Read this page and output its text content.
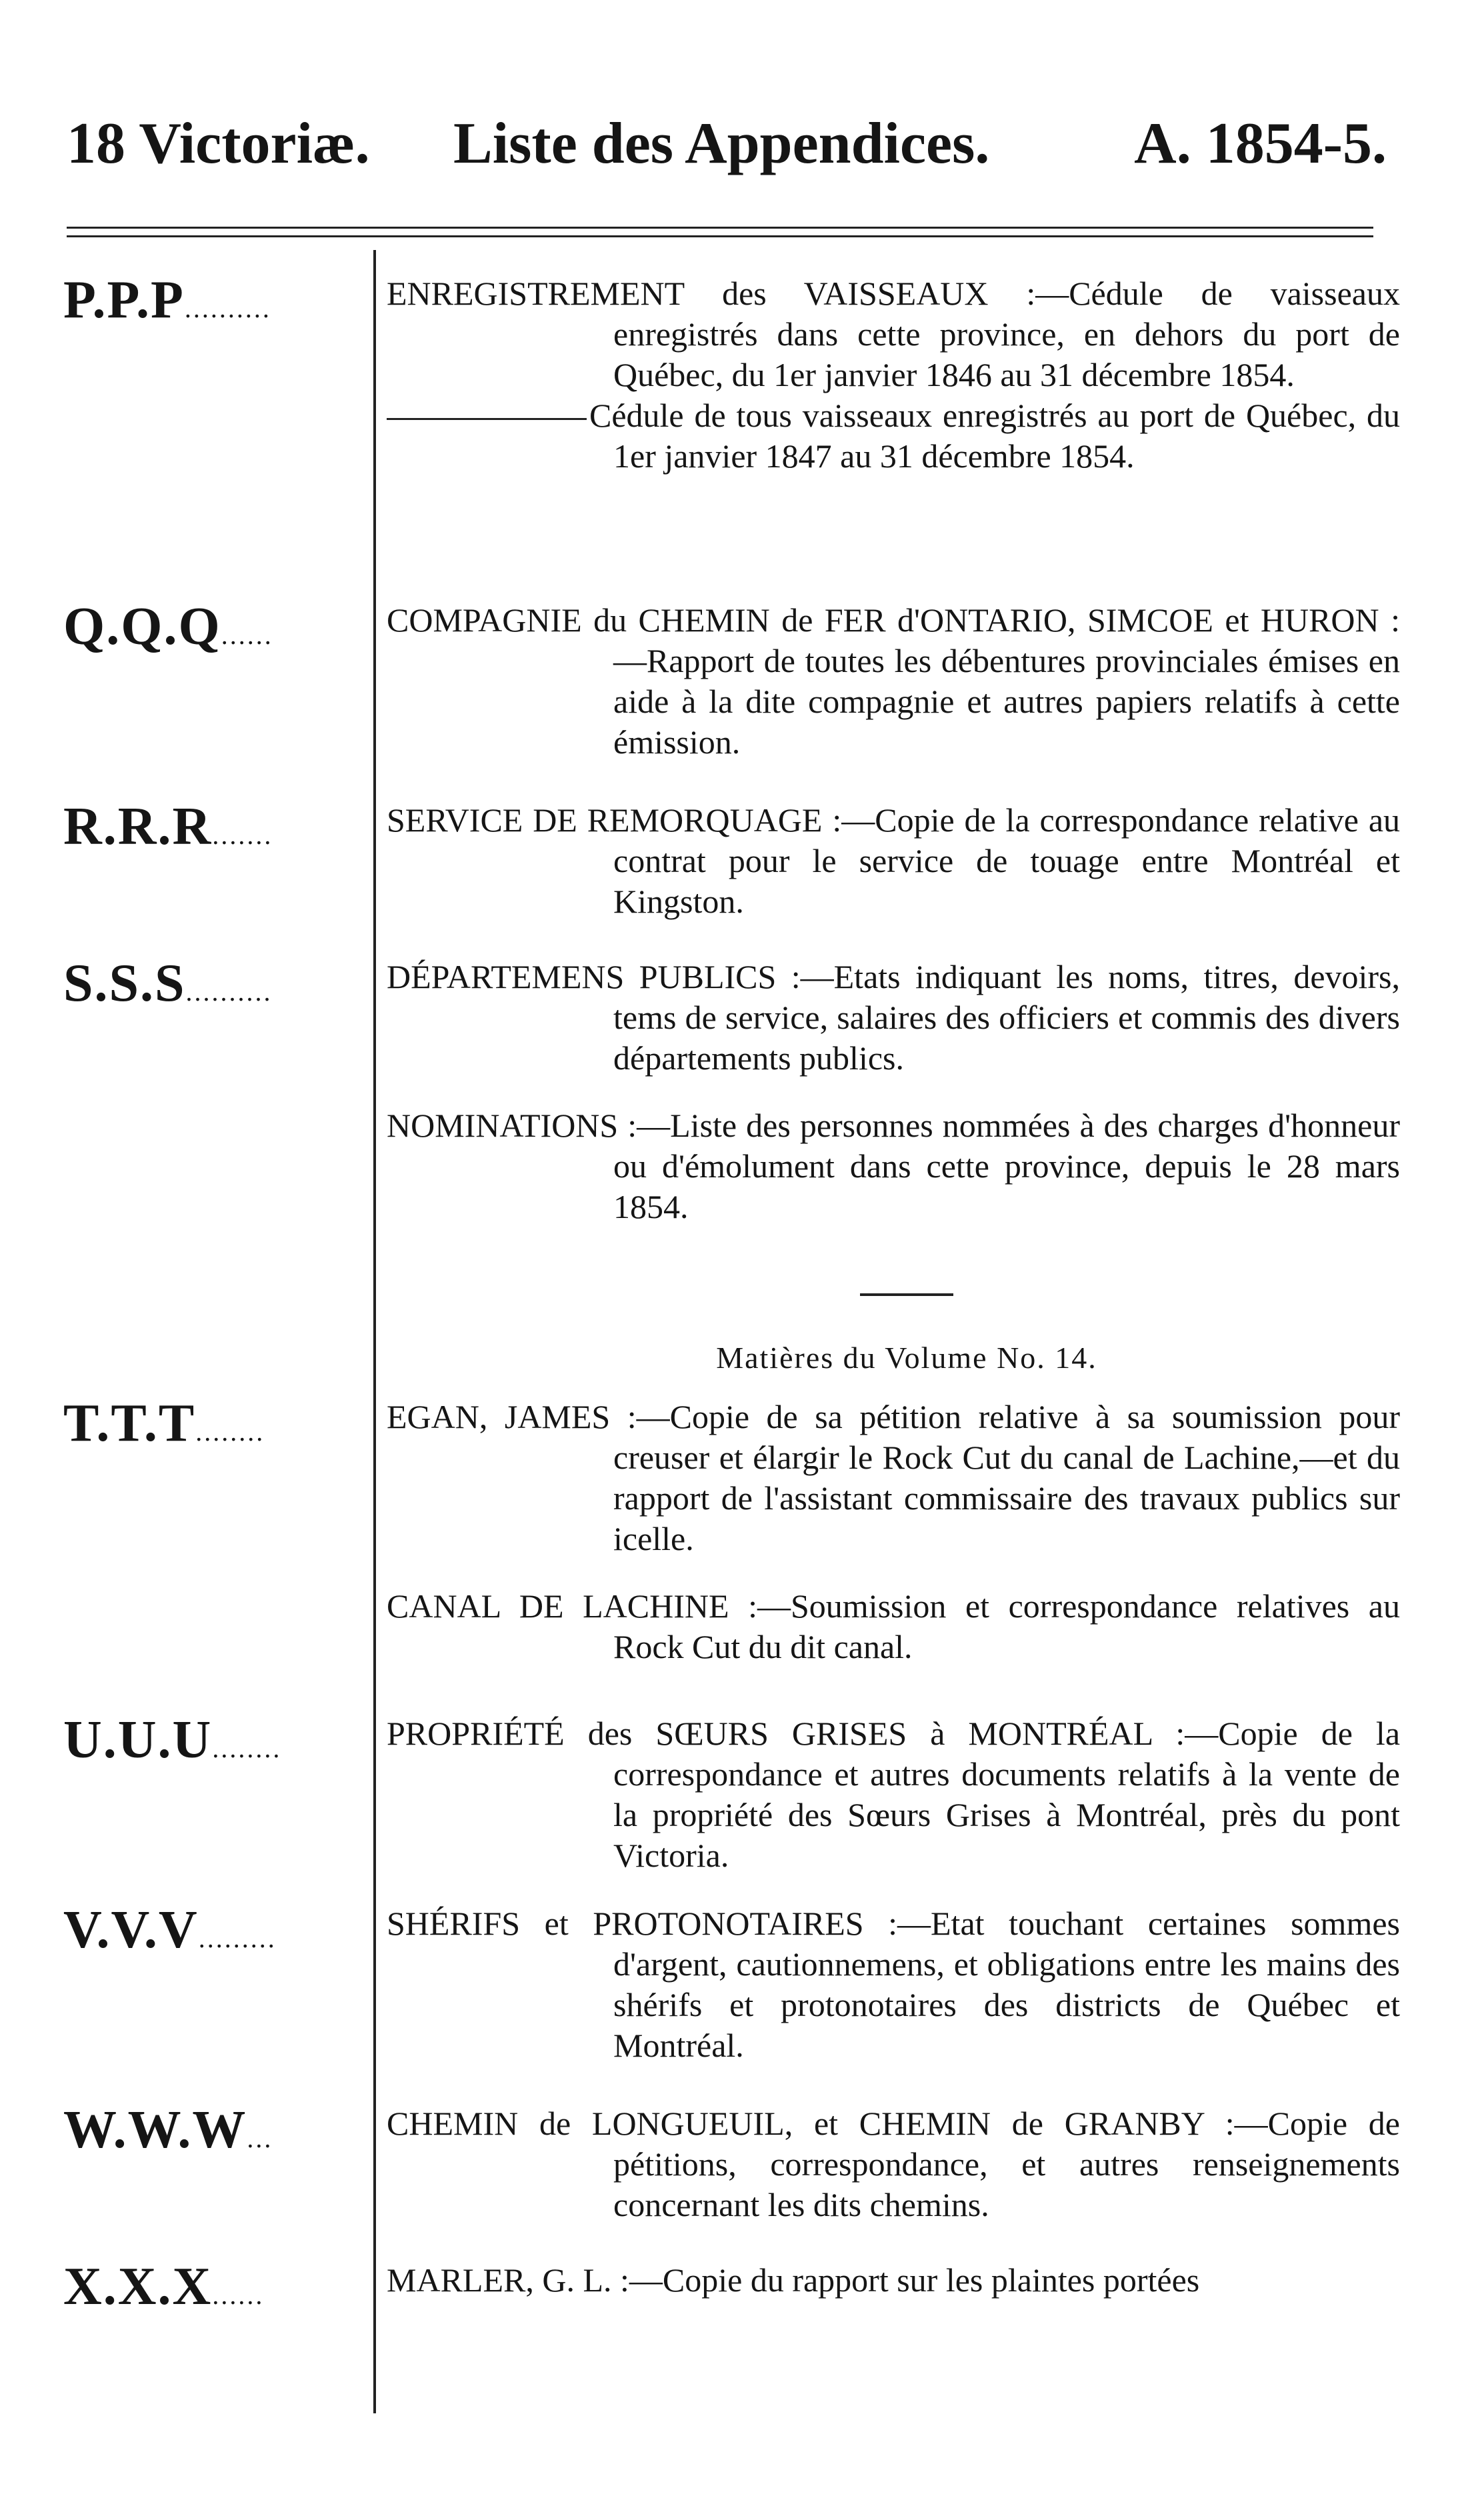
18 Victoriæ. Liste des Appendices. A. 1854-5.
P.P.P..........	ENREGISTREMENT des VAISSEAUX :—Cédule de vaisseaux enregistrés dans cette province, en dehors du port de Québec, du 1er janvier 1846 au 31 décembre 1854.

Cédule de tous vaisseaux enregistrés au port de Québec, du 1er janvier 1847 au 31 décembre 1854.

Q.Q.Q......	COMPAGNIE du CHEMIN de FER d'ONTARIO, SIMCOE et HURON :—Rapport de toutes les débentures provinciales émises en aide à la dite compagnie et autres papiers relatifs à cette émission.

R.R.R.......	SERVICE DE REMORQUAGE :—Copie de la correspondance relative au contrat pour le service de touage entre Montréal et Kingston.

S.S.S..........	DÉPARTEMENS PUBLICS :—Etats indiquant les noms, titres, devoirs, tems de service, salaires des officiers et commis des divers départements publics.

NOMINATIONS :—Liste des personnes nommées à des charges d'honneur ou d'émolument dans cette province, depuis le 28 mars 1854.

Matières du Volume No. 14.
T.T.T........	EGAN, JAMES :—Copie de sa pétition relative à sa soumission pour creuser et élargir le Rock Cut du canal de Lachine,—et du rapport de l'assistant commissaire des travaux publics sur icelle.

CANAL DE LACHINE :—Soumission et correspondance relatives au Rock Cut du dit canal.

U.U.U........	PROPRIÉTÉ des SŒURS GRISES à MONTRÉAL :—Copie de la correspondance et autres documents relatifs à la vente de la propriété des Sœurs Grises à Montréal, près du pont Victoria.

V.V.V.........	SHÉRIFS et PROTONOTAIRES :—Etat touchant certaines sommes d'argent, cautionnemens, et obligations entre les mains des shérifs et protonotaires des districts de Québec et Montréal.

W.W.W...	CHEMIN de LONGUEUIL, et CHEMIN de GRANBY :—Copie de pétitions, correspondance, et autres renseignements concernant les dits chemins.

X.X.X......	MARLER, G. L. :—Copie du rapport sur les plaintes portées
